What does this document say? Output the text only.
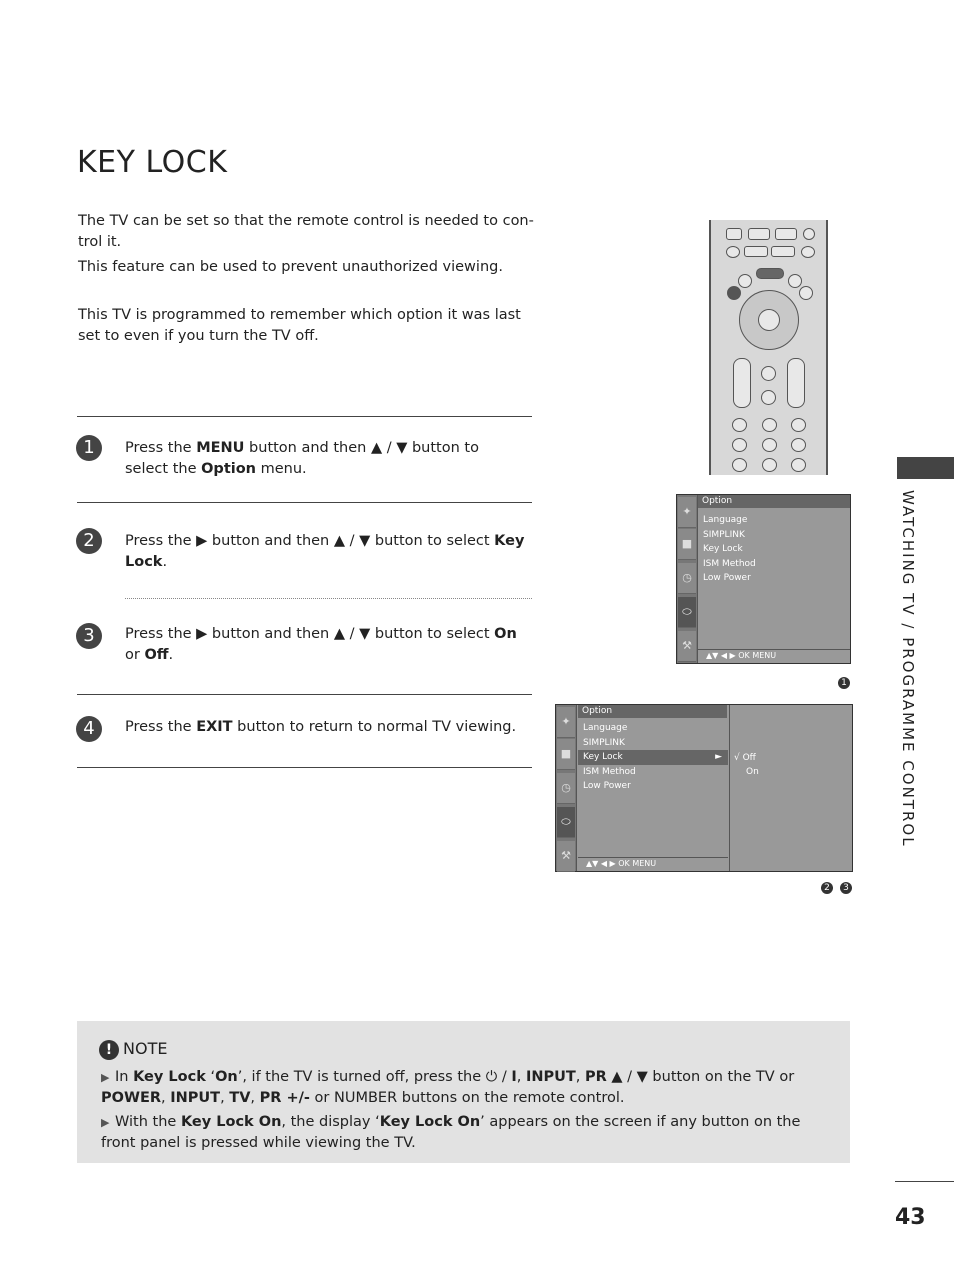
KEY LOCK

The TV can be set so that the remote control is needed to con-

trol it.

This feature can be used to prevent unauthorized viewing.

This TV is programmed to remember which option it was last

set to even if you turn the TV off.

1	Press the MENU button and then ▲ / ▼ button to select the Option menu.
2	Press the ▶ button and then ▲ / ▼ button to select Key Lock.
3	Press the ▶ button and then ▲ / ▼ button to select On or Off.
4	Press the EXIT button to return to normal TV viewing.	WATCHING TV / PROGRAMME CONTROL
✦
■
◷
⬭
⚒
Option
Language
SIMPLINK
Key Lock
ISM Method
Low Power
▲▼ ◀ ▶ OK MENU
1
✦
■
◷
⬭
⚒
Option
Language
SIMPLINK
Key Lock	►
ISM Method
Low Power
▲▼ ◀ ▶ OK MENU
√ Off
On
2	3
! NOTE
▶ In Key Lock ‘On’, if the TV is turned off, press the ⏻ / I, INPUT, PR ▲ / ▼ button on the TV or POWER, INPUT, TV, PR +/- or NUMBER buttons on the remote control.
▶ With the Key Lock On, the display ‘Key Lock On’ appears on the screen if any button on the front panel is pressed while viewing the TV.
43
